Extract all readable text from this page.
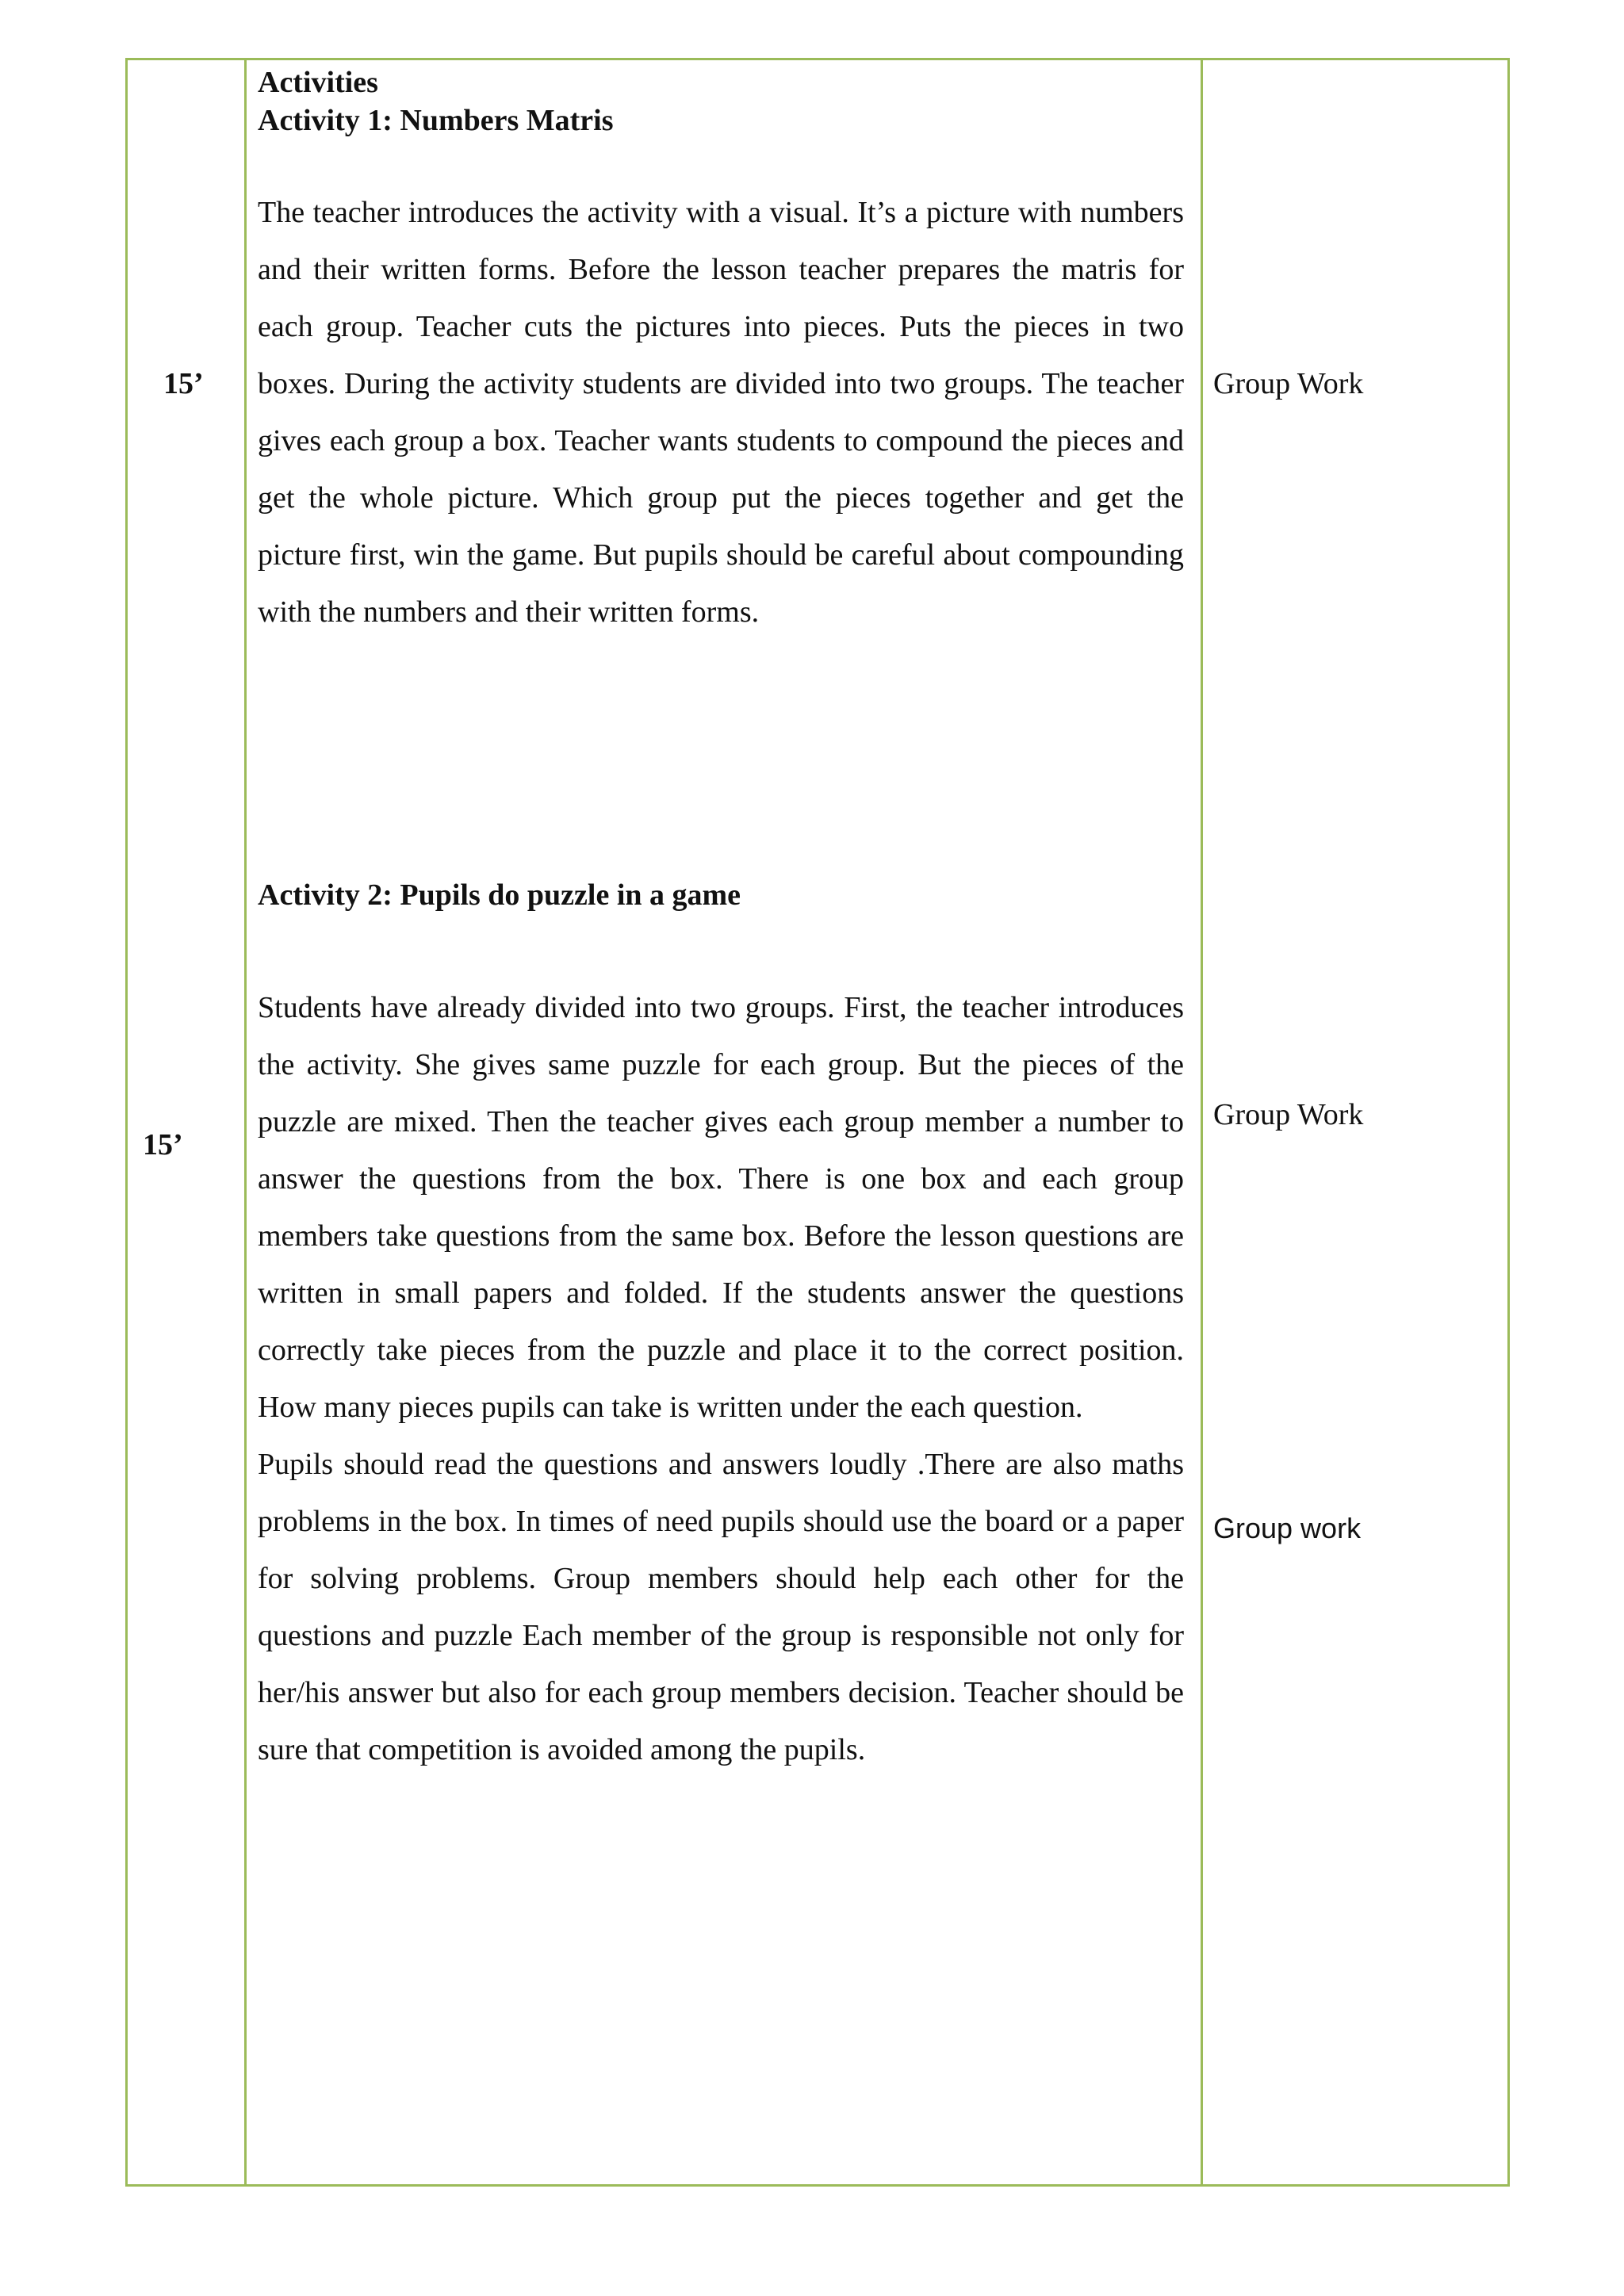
15’
15’
Group Work
Group Work
Group work

Activities

Activity 1: Numbers Matris

The teacher introduces the activity with a visual. It’s a picture with numbers and their written forms. Before the lesson teacher prepares the matris for each group. Teacher cuts the pictures into pieces. Puts the pieces in two boxes. During the activity students are divided into two groups. The teacher gives each group a box. Teacher wants students to compound the pieces and get the whole picture. Which group put the pieces together and get the picture first, win the game. But pupils should be careful about compounding with the numbers and their written forms.

Activity 2: Pupils do puzzle in a game

Students have already divided into two groups. First, the teacher introduces the activity. She gives same puzzle for each group. But the pieces of the puzzle are mixed. Then the teacher gives each group member a number to answer the questions from the box. There is one box and each group members take questions from the same box. Before the lesson questions are written in small papers and folded. If the students answer the questions correctly take pieces from the puzzle and place it to the correct position. How many pieces pupils can take is written under the each question.

Pupils should read the questions and answers loudly .There are also maths problems in the box. In times of need pupils should use the board or a paper for solving problems. Group members should help each other for the questions and puzzle Each member of the group is responsible not only for her/his answer but also for each group members decision. Teacher should be sure that competition is avoided among the pupils.
